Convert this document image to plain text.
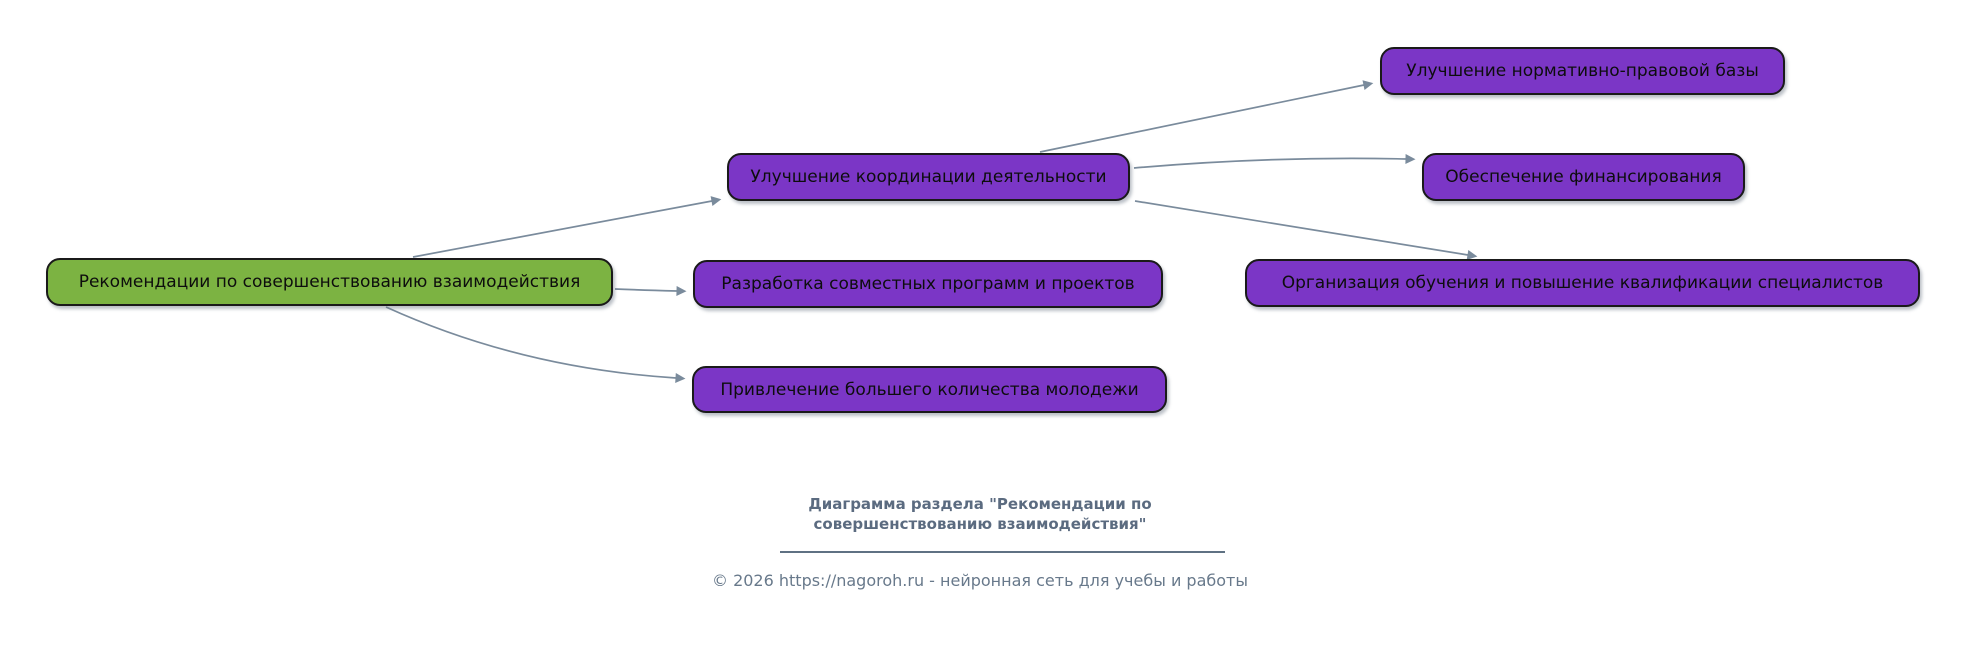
Рекомендации по совершенствованию взаимодействия
Улучшение координации деятельности
Улучшение нормативно-правовой базы
Обеспечение финансирования
Организация обучения и повышение квалификации специалистов
Разработка совместных программ и проектов
Привлечение большего количества молодежи
Диаграмма раздела "Рекомендации по
совершенствованию взаимодействия"
© 2026 https://nagoroh.ru - нейронная сеть для учебы и работы
